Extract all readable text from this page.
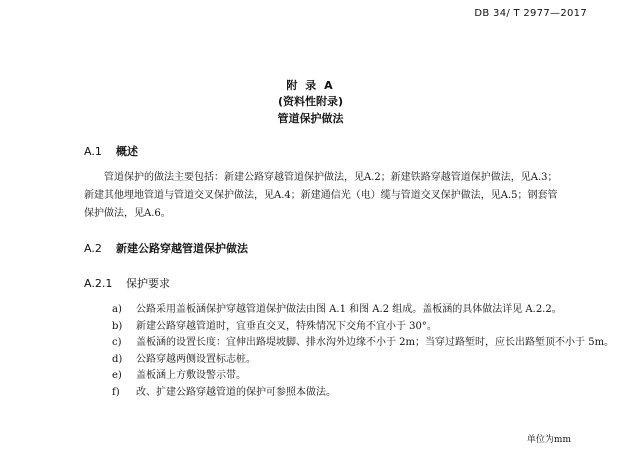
DB 34/ T 2977—2017
附 录 A
(资料性附录)
管道保护做法
A.1 概述
管道保护的做法主要包括：新建公路穿越管道保护做法，见A.2；新建铁路穿越管道保护做法，见A.3；新建其他埋地管道与管道交叉保护做法，见A.4；新建通信光（电）缆与管道交叉保护做法，见A.5；钢套管保护做法，见A.6。
A.2 新建公路穿越管道保护做法
A.2.1 保护要求
a)	公路采用盖板涵保护穿越管道保护做法由图 A.1 和图 A.2 组成。盖板涵的具体做法详见 A.2.2。
b)	新建公路穿越管道时，宜垂直交叉，特殊情况下交角不宜小于 30°。
c)	盖板涵的设置长度：宜伸出路堤坡脚、排水沟外边缘不小于 2m；当穿过路堑时，应长出路堑顶不小于 5m。
d)	公路穿越两侧设置标志桩。
e)	盖板涵上方敷设警示带。
f)	改、扩建公路穿越管道的保护可参照本做法。
单位为mm
